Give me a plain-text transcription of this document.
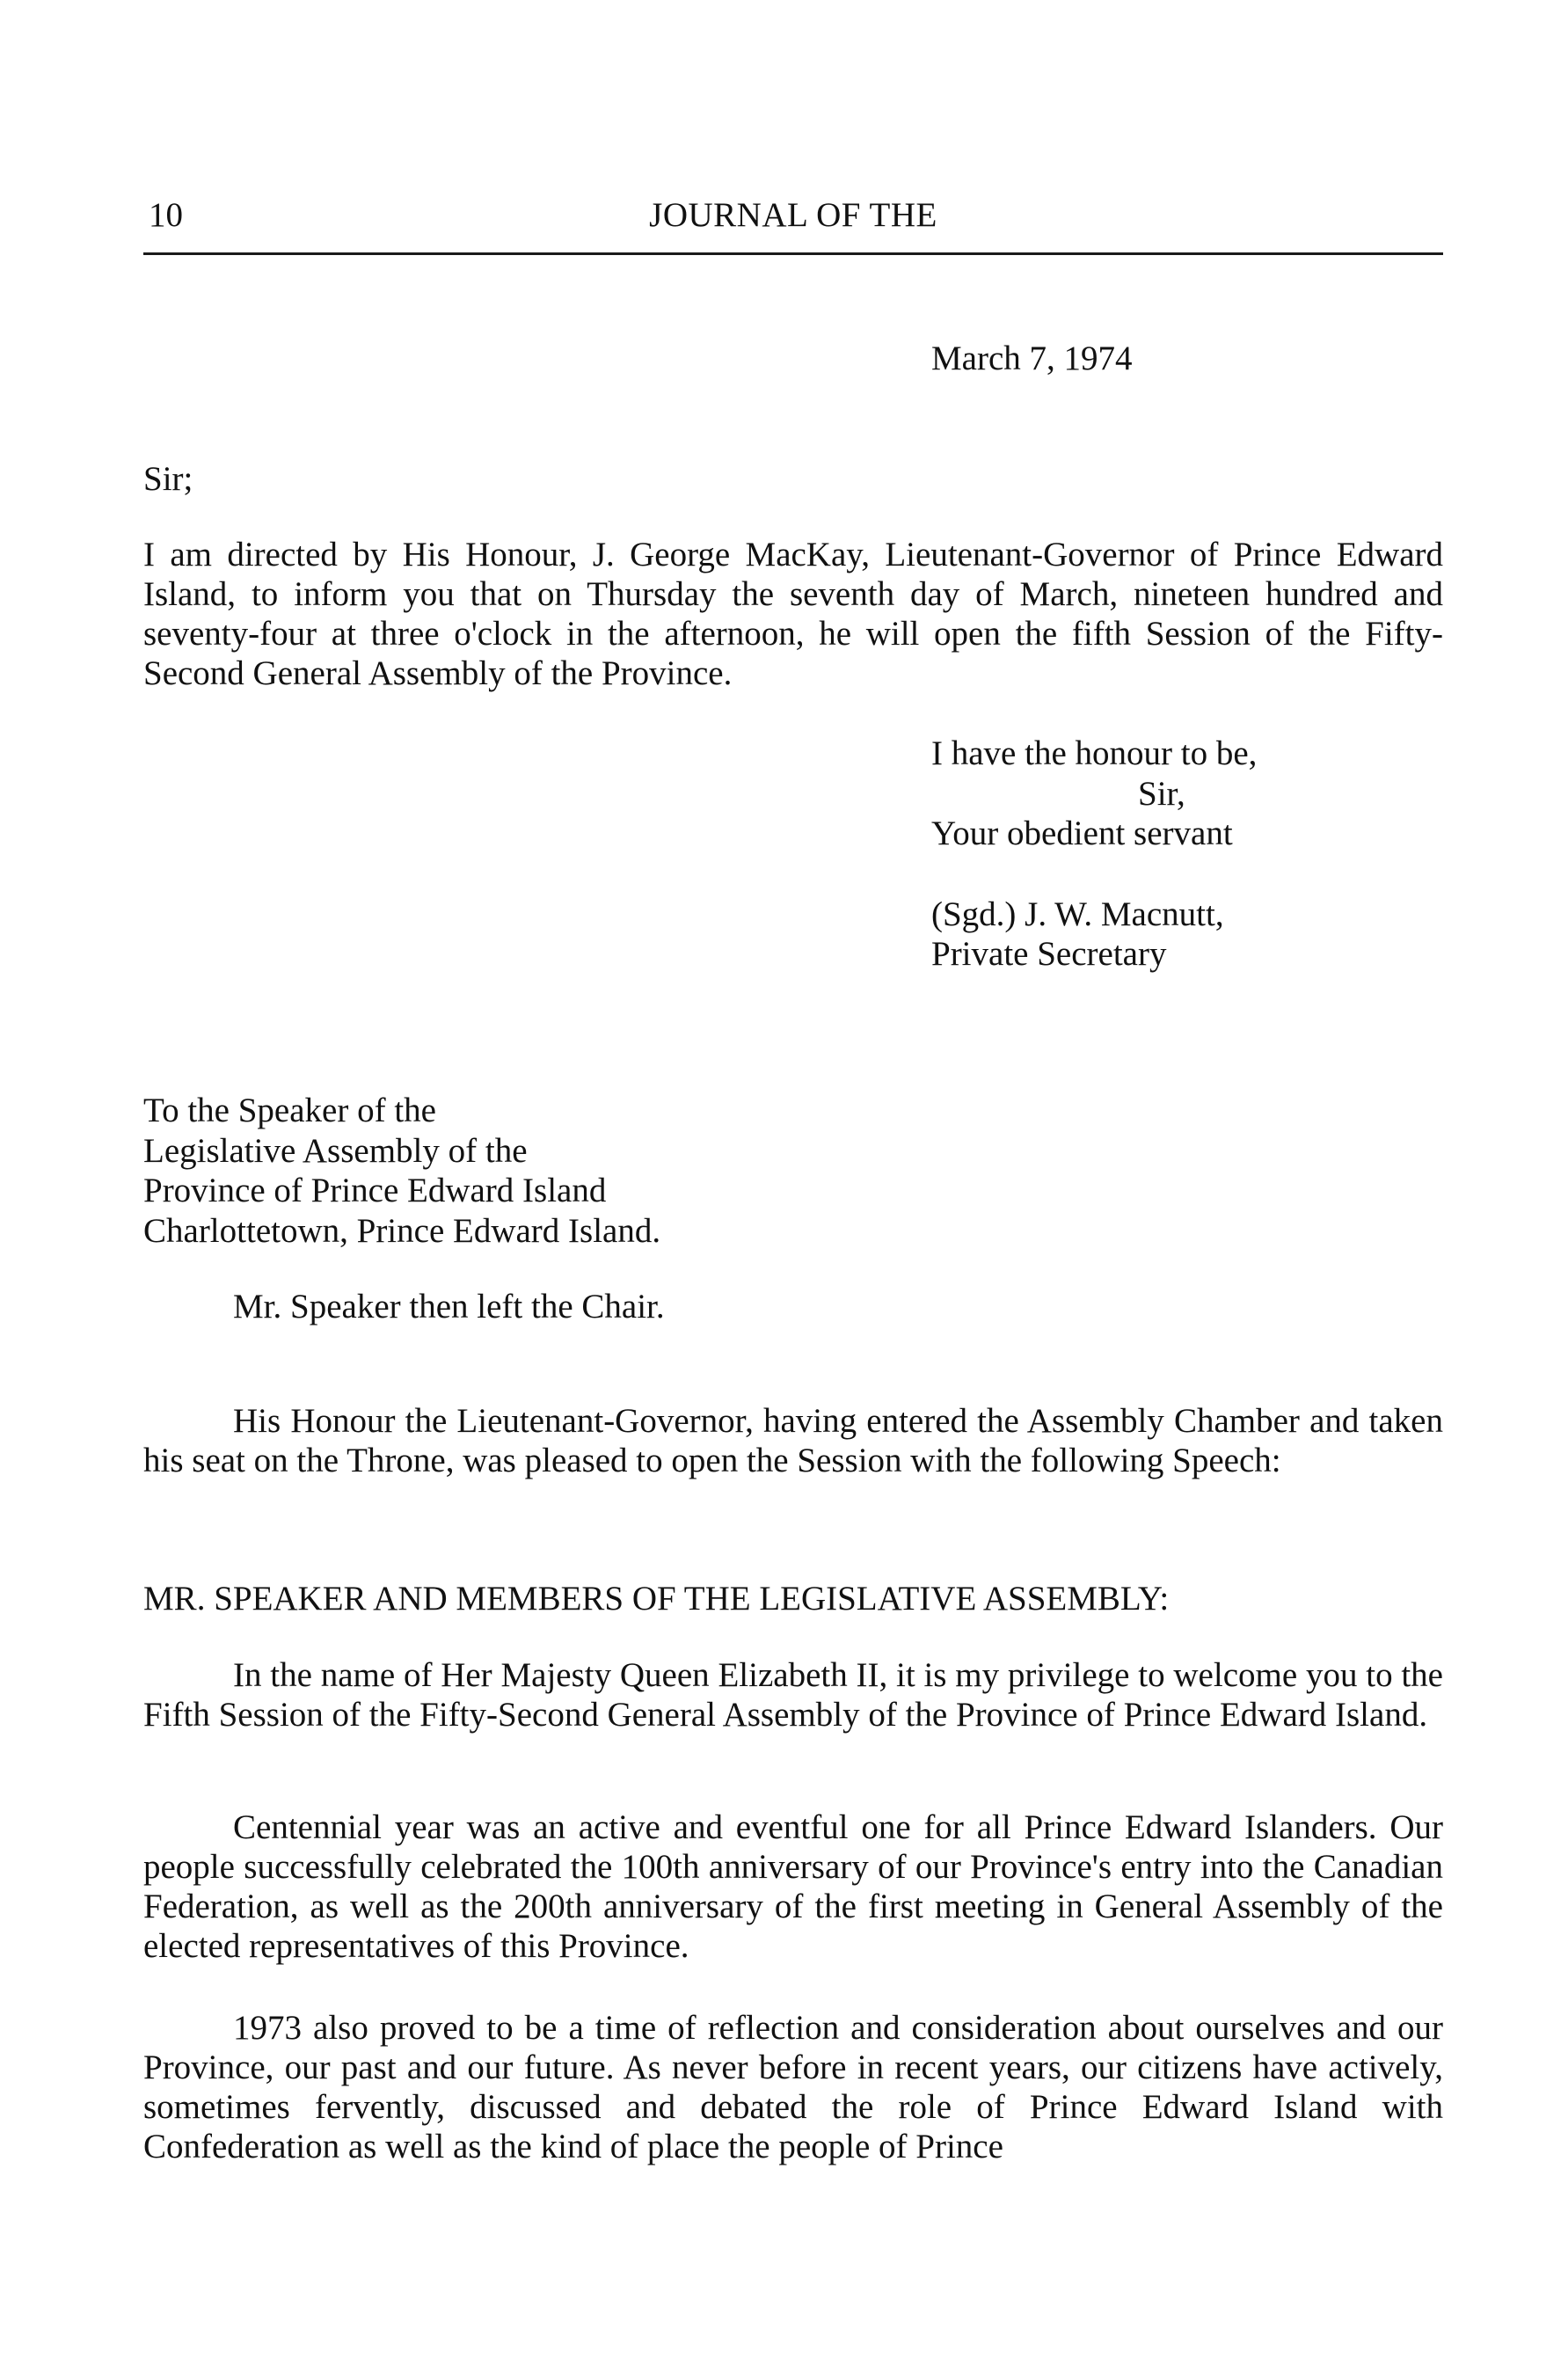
10	JOURNAL OF THE
March 7, 1974
Sir;
I am directed by His Honour, J. George MacKay, Lieutenant-Governor of Prince Edward Island, to inform you that on Thursday the seventh day of March, nineteen hundred and seventy-four at three o'clock in the afternoon, he will open the fifth Session of the Fifty-Second General Assembly of the Province.
I have the honour to be,
Sir,
Your obedient servant
(Sgd.) J. W. Macnutt,
Private Secretary
To the Speaker of the
Legislative Assembly of the
Province of Prince Edward Island
Charlottetown, Prince Edward Island.
Mr. Speaker then left the Chair.
His Honour the Lieutenant-Governor, having entered the Assembly Chamber and taken his seat on the Throne, was pleased to open the Session with the following Speech:
MR. SPEAKER AND MEMBERS OF THE LEGISLATIVE ASSEMBLY:
In the name of Her Majesty Queen Elizabeth II, it is my privilege to welcome you to the Fifth Session of the Fifty-Second General Assembly of the Province of Prince Edward Island.
Centennial year was an active and eventful one for all Prince Edward Islanders. Our people successfully celebrated the 100th anniversary of our Province's entry into the Canadian Federation, as well as the 200th anniversary of the first meeting in General Assembly of the elected representatives of this Province.
1973 also proved to be a time of reflection and consideration about ourselves and our Province, our past and our future. As never before in recent years, our citizens have actively, sometimes fervently, discussed and debated the role of Prince Edward Island with Confederation as well as the kind of place the people of Prince
